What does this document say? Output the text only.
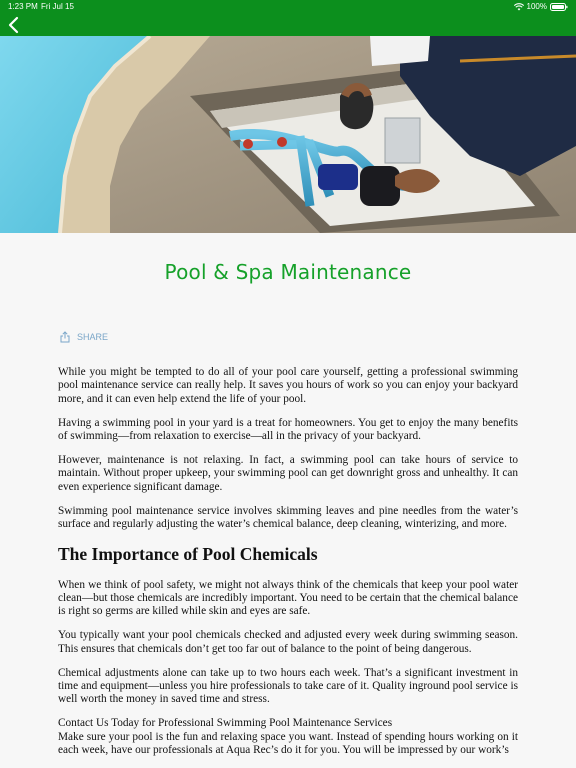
1:23 PM Fri Jul 15	100%
Pool & Spa Maintenance
SHARE

While you might be tempted to do all of your pool care yourself, getting a professional swimming pool maintenance service can really help. It saves you hours of work so you can enjoy your backyard more, and it can even help extend the life of your pool.

Having a swimming pool in your yard is a treat for homeowners. You get to enjoy the many benefits of swimming—from relaxation to exercise—all in the privacy of your backyard.

However, maintenance is not relaxing. In fact, a swimming pool can take hours of service to maintain. Without proper upkeep, your swimming pool can get downright gross and unhealthy. It can even experience significant damage.

Swimming pool maintenance service involves skimming leaves and pine needles from the water’s surface and regularly adjusting the water’s chemical balance, deep cleaning, winterizing, and more.

The Importance of Pool Chemicals

When we think of pool safety, we might not always think of the chemicals that keep your pool water clean—but those chemicals are incredibly important. You need to be certain that the chemical balance is right so germs are killed while skin and eyes are safe.

You typically want your pool chemicals checked and adjusted every week during swimming season. This ensures that chemicals don’t get too far out of balance to the point of being dangerous.

Chemical adjustments alone can take up to two hours each week. That’s a significant investment in time and equipment—unless you hire professionals to take care of it. Quality inground pool service is well worth the money in saved time and stress.

Contact Us Today for Professional Swimming Pool Maintenance Services

Make sure your pool is the fun and relaxing space you want. Instead of spending hours working on it each week, have our professionals at Aqua Rec’s do it for you. You will be impressed by our work’s
